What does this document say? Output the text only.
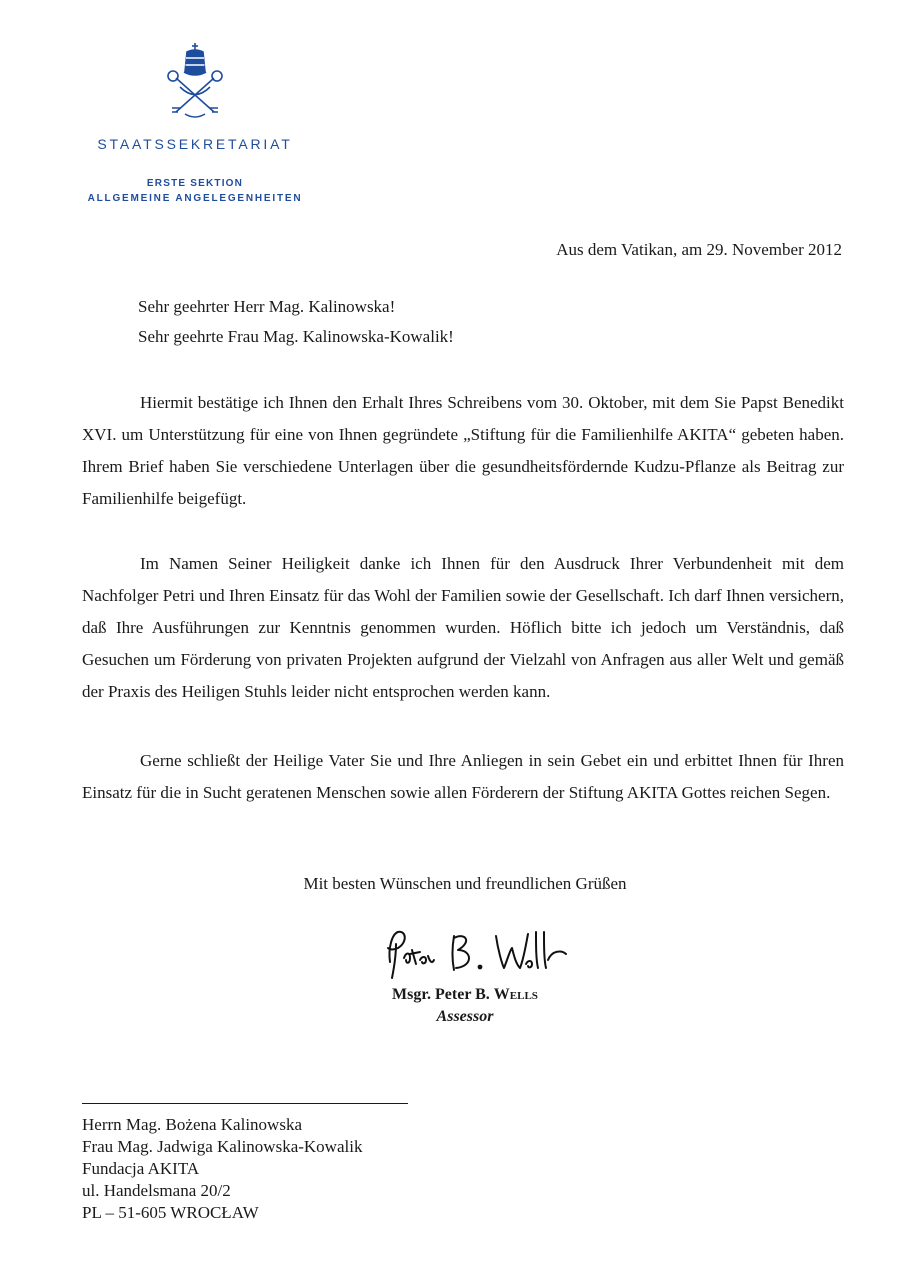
STAATSSEKRETARIAT
ERSTE SEKTION
ALLGEMEINE ANGELEGENHEITEN
Aus dem Vatikan, am 29. November 2012
Sehr geehrter Herr Mag. Kalinowska!
Sehr geehrte Frau Mag. Kalinowska-Kowalik!
Hiermit bestätige ich Ihnen den Erhalt Ihres Schreibens vom 30. Oktober, mit dem Sie Papst Benedikt XVI. um Unterstützung für eine von Ihnen gegründete „Stiftung für die Familienhilfe AKITA“ gebeten haben. Ihrem Brief haben Sie verschiedene Unterlagen über die gesundheitsfördernde Kudzu-Pflanze als Beitrag zur Familienhilfe beigefügt.
Im Namen Seiner Heiligkeit danke ich Ihnen für den Ausdruck Ihrer Verbundenheit mit dem Nachfolger Petri und Ihren Einsatz für das Wohl der Familien sowie der Gesellschaft. Ich darf Ihnen versichern, daß Ihre Ausführungen zur Kenntnis genommen wurden. Höflich bitte ich jedoch um Verständnis, daß Gesuchen um Förderung von privaten Projekten aufgrund der Vielzahl von Anfragen aus aller Welt und gemäß der Praxis des Heiligen Stuhls leider nicht entsprochen werden kann.
Gerne schließt der Heilige Vater Sie und Ihre Anliegen in sein Gebet ein und erbittet Ihnen für Ihren Einsatz für die in Sucht geratenen Menschen sowie allen Förderern der Stiftung AKITA Gottes reichen Segen.
Mit besten Wünschen und freundlichen Grüßen
Msgr. Peter B. Wells
Assessor
Herrn Mag. Bożena Kalinowska
Frau Mag. Jadwiga Kalinowska-Kowalik
Fundacja AKITA
ul. Handelsmana 20/2
PL – 51-605 WROCŁAW
